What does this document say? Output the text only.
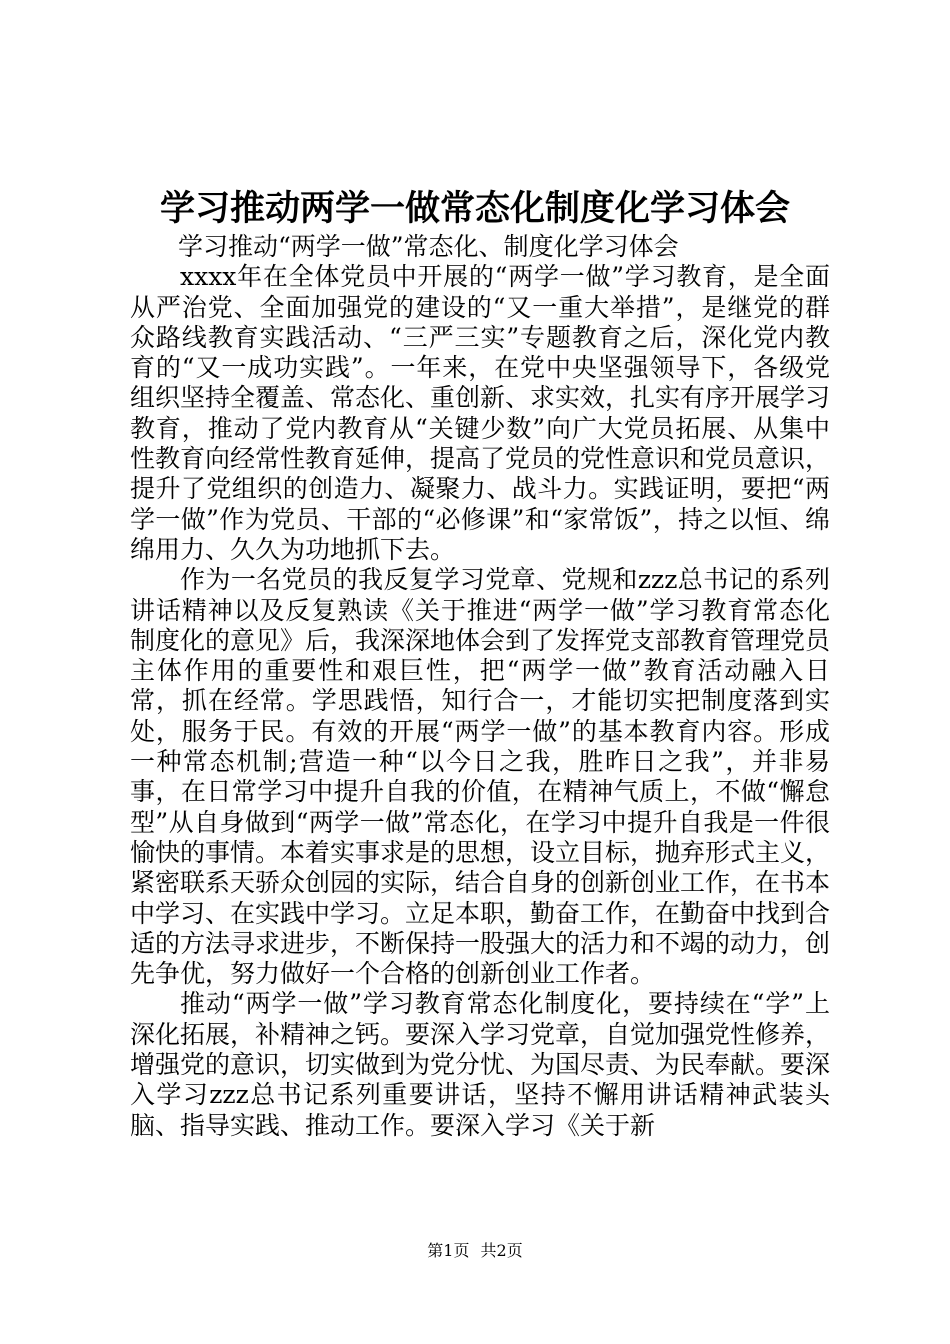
学习推动两学一做常态化制度化学习体会

学习推动“两学一做”常态化、制度化学习体会

xxxx年在全体党员中开展的“两学一做”学习教育，是全面从严治党、全面加强党的建设的“又一重大举措”，是继党的群众路线教育实践活动、“三严三实”专题教育之后，深化党内教育的“又一成功实践”。一年来，在党中央坚强领导下，各级党组织坚持全覆盖、常态化、重创新、求实效，扎实有序开展学习教育，推动了党内教育从“关键少数”向广大党员拓展、从集中性教育向经常性教育延伸，提高了党员的党性意识和党员意识，提升了党组织的创造力、凝聚力、战斗力。实践证明，要把“两学一做”作为党员、干部的“必修课”和“家常饭”，持之以恒、绵绵用力、久久为功地抓下去。

作为一名党员的我反复学习党章、党规和zzz总书记的系列讲话精神以及反复熟读《关于推进“两学一做”学习教育常态化制度化的意见》后，我深深地体会到了发挥党支部教育管理党员主体作用的重要性和艰巨性，把“两学一做”教育活动融入日常，抓在经常。学思践悟，知行合一，才能切实把制度落到实处，服务于民。有效的开展“两学一做”的基本教育内容。形成一种常态机制;营造一种“以今日之我，胜昨日之我”，并非易事，在日常学习中提升自我的价值，在精神气质上，不做“懈怠型”从自身做到“两学一做”常态化，在学习中提升自我是一件很愉快的事情。本着实事求是的思想，设立目标，抛弃形式主义，紧密联系天骄众创园的实际，结合自身的创新创业工作，在书本中学习、在实践中学习。立足本职，勤奋工作，在勤奋中找到合适的方法寻求进步，不断保持一股强大的活力和不竭的动力，创先争优，努力做好一个合格的创新创业工作者。

推动“两学一做”学习教育常态化制度化，要持续在“学”上深化拓展，补精神之钙。要深入学习党章，自觉加强党性修养，增强党的意识，切实做到为党分忧、为国尽责、为民奉献。要深入学习zzz总书记系列重要讲话，坚持不懈用讲话精神武装头脑、指导实践、推动工作。要深入学习《关于新

第1页 共2页
